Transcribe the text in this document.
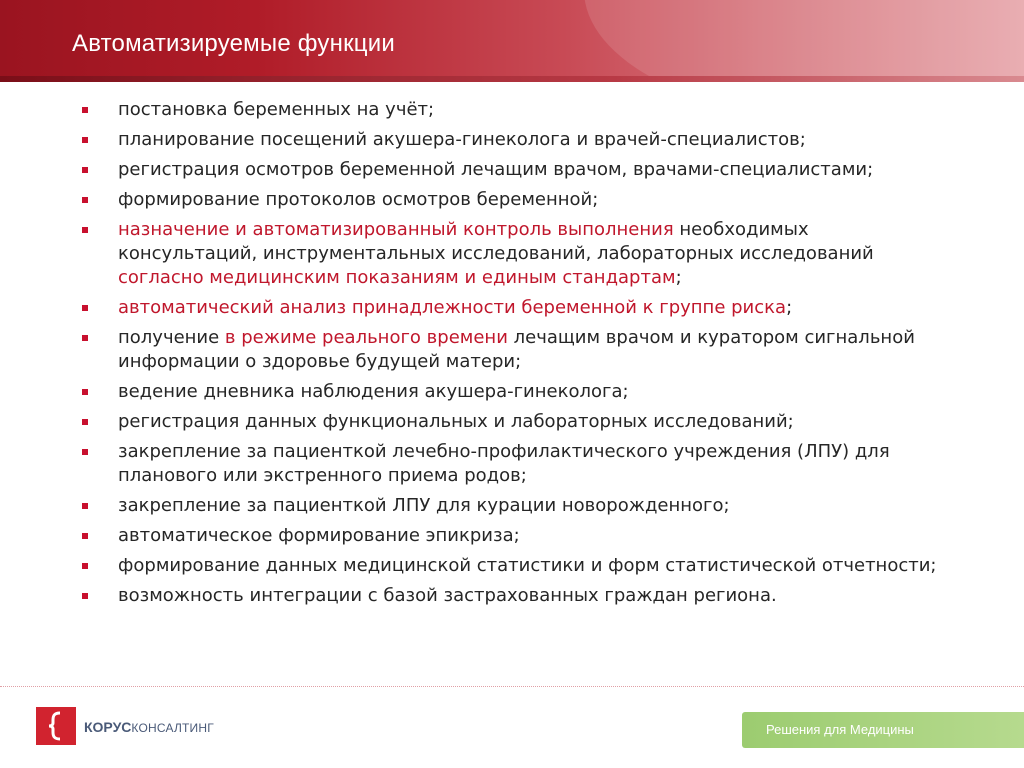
Автоматизируемые функции
постановка беременных на учёт;
планирование посещений акушера-гинеколога и врачей-специалистов;
регистрация осмотров беременной лечащим врачом, врачами-специалистами;
формирование протоколов осмотров беременной;
назначение и автоматизированный контроль выполнения необходимых консультаций, инструментальных исследований, лабораторных исследований согласно медицинским показаниям и единым стандартам;
автоматический анализ принадлежности беременной к группе риска;
получение в режиме реального времени лечащим врачом и куратором сигнальной информации о здоровье будущей матери;
ведение дневника наблюдения акушера-гинеколога;
регистрация данных функциональных и лабораторных исследований;
закрепление за пациенткой лечебно-профилактического учреждения (ЛПУ) для планового или экстренного приема родов;
закрепление за пациенткой ЛПУ для курации новорожденного;
автоматическое формирование эпикриза;
формирование данных медицинской статистики и форм статистической отчетности;
возможность интеграции с базой застрахованных граждан региона.
КОРУСКОНСАЛТИНГ	Решения для Медицины
